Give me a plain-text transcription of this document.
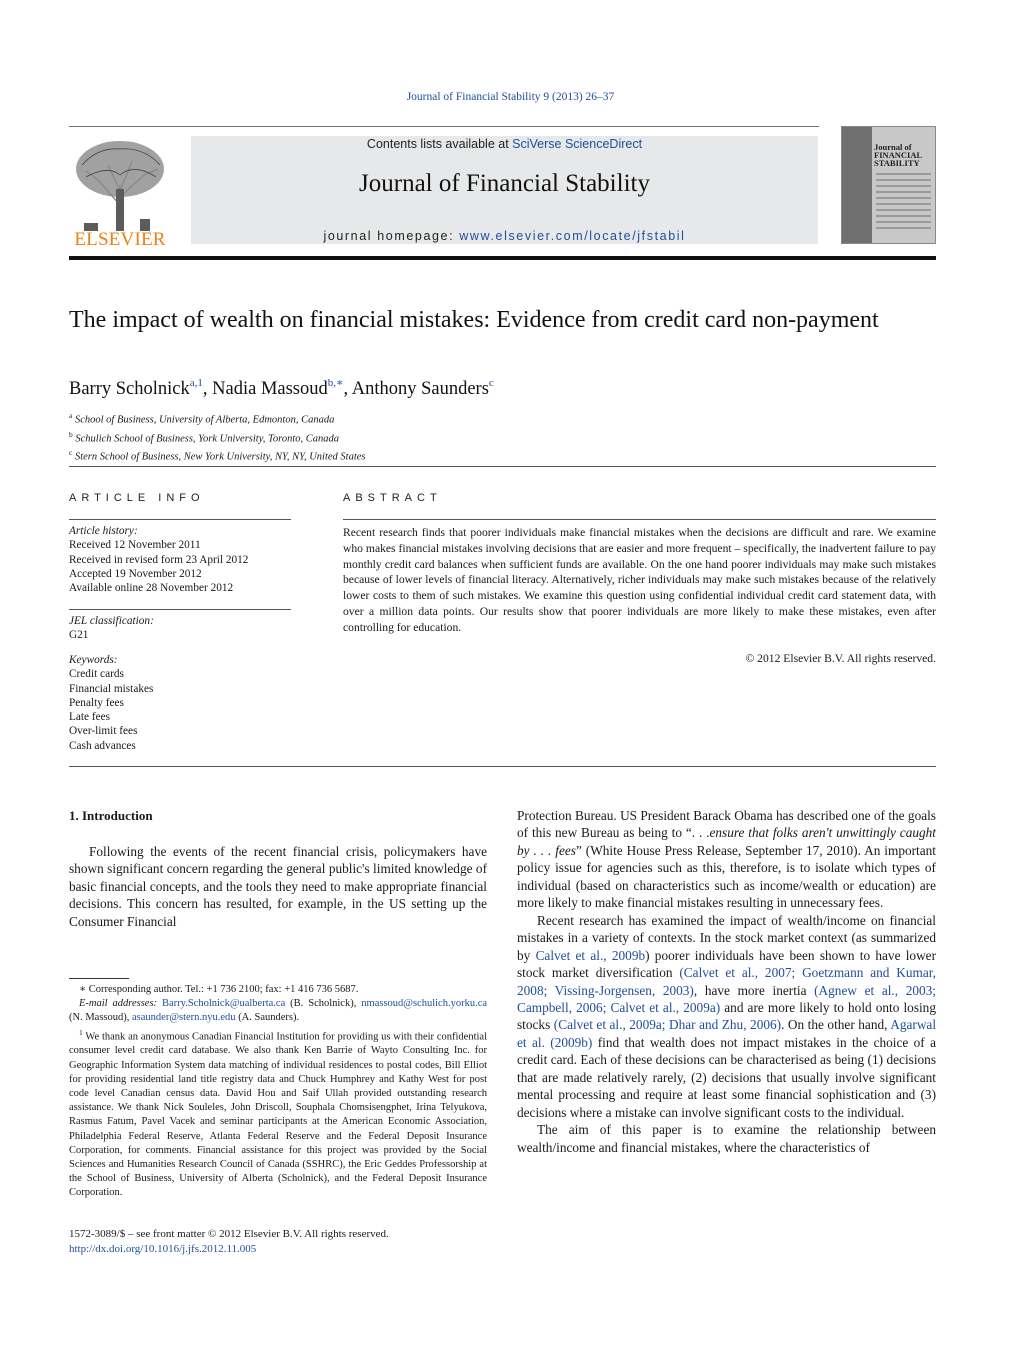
Journal of Financial Stability 9 (2013) 26–37
ELSEVIER
Contents lists available at SciVerse ScienceDirect
Journal of Financial Stability
journal homepage: www.elsevier.com/locate/jfstabil
Journal of FINANCIAL STABILITY
The impact of wealth on financial mistakes: Evidence from credit card non-payment
Barry Scholnick$^{a,1}$, Nadia Massoud$^{b,∗}$, Anthony Saunders$^c$
$^a$ School of Business, University of Alberta, Edmonton, Canada
$^b$ Schulich School of Business, York University, Toronto, Canada
$^c$ Stern School of Business, New York University, NY, NY, United States
ARTICLE INFO
Article history:
Received 12 November 2011
Received in revised form 23 April 2012
Accepted 19 November 2012
Available online 28 November 2012
JEL classification:
G21
Keywords:
Credit cards
Financial mistakes
Penalty fees
Late fees
Over-limit fees
Cash advances
ABSTRACT
Recent research finds that poorer individuals make financial mistakes when the decisions are difficult and rare. We examine who makes financial mistakes involving decisions that are easier and more frequent – specifically, the inadvertent failure to pay monthly credit card balances when sufficient funds are available. On the one hand poorer individuals may make such mistakes because of lower levels of financial literacy. Alternatively, richer individuals may make such mistakes because of the relatively lower costs to them of such mistakes. We examine this question using confidential individual credit card statement data, with over a million data points. Our results show that poorer individuals are more likely to make these mistakes, even after controlling for education.
© 2012 Elsevier B.V. All rights reserved.
1. Introduction

Following the events of the recent financial crisis, policymakers have shown significant concern regarding the general public's limited knowledge of basic financial concepts, and the tools they need to make appropriate financial decisions. This concern has resulted, for example, in the US setting up the Consumer Financial

Protection Bureau. US President Barack Obama has described one of the goals of this new Bureau as being to “. . .ensure that folks aren't unwittingly caught by . . . fees” (White House Press Release, September 17, 2010). An important policy issue for agencies such as this, therefore, is to isolate which types of individual (based on characteristics such as income/wealth or education) are more likely to make financial mistakes resulting in unnecessary fees.

Recent research has examined the impact of wealth/income on financial mistakes in a variety of contexts. In the stock market context (as summarized by Calvet et al., 2009b) poorer individuals have been shown to have lower stock market diversification (Calvet et al., 2007; Goetzmann and Kumar, 2008; Vissing-Jorgensen, 2003), have more inertia (Agnew et al., 2003; Campbell, 2006; Calvet et al., 2009a) and are more likely to hold onto losing stocks (Calvet et al., 2009a; Dhar and Zhu, 2006). On the other hand, Agarwal et al. (2009b) find that wealth does not impact mistakes in the choice of a credit card. Each of these decisions can be characterised as being (1) decisions that are made relatively rarely, (2) decisions that usually involve significant mental processing and require at least some financial sophistication and (3) decisions where a mistake can involve significant costs to the individual.

The aim of this paper is to examine the relationship between wealth/income and financial mistakes, where the characteristics of

∗ Corresponding author. Tel.: +1 736 2100; fax: +1 416 736 5687.

E-mail addresses: Barry.Scholnick@ualberta.ca (B. Scholnick), nmassoud@schulich.yorku.ca (N. Massoud), asaunder@stern.nyu.edu (A. Saunders).

$^1$ We thank an anonymous Canadian Financial Institution for providing us with their confidential consumer level credit card database. We also thank Ken Barrie of Wayto Consulting Inc. for Geographic Information System data matching of individual residences to postal codes, Bill Elliot for providing residential land title registry data and Chuck Humphrey and Kathy West for post code level Canadian census data. David Hou and Saif Ullah provided outstanding research assistance. We thank Nick Souleles, John Driscoll, Souphala Chomsisengphet, Irina Telyukova, Rasmus Fatum, Pavel Vacek and seminar participants at the American Economic Association, Philadelphia Federal Reserve, Atlanta Federal Reserve and the Federal Deposit Insurance Corporation, for comments. Financial assistance for this project was provided by the Social Sciences and Humanities Research Council of Canada (SSHRC), the Eric Geddes Professorship at the School of Business, University of Alberta (Scholnick), and the Federal Deposit Insurance Corporation.

1572-3089/$ – see front matter © 2012 Elsevier B.V. All rights reserved.
http://dx.doi.org/10.1016/j.jfs.2012.11.005
